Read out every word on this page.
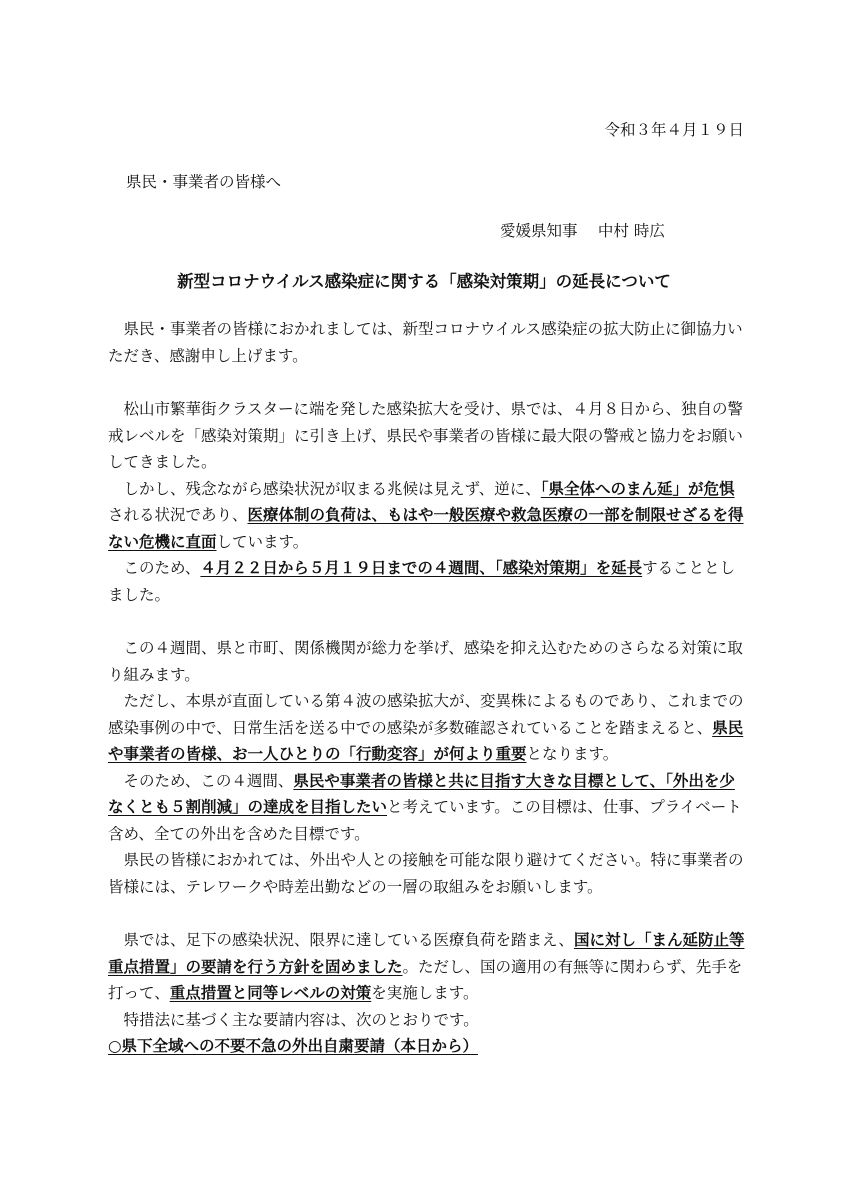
令和３年４月１９日
県民・事業者の皆様へ
愛媛県知事　 中村 時広
新型コロナウイルス感染症に関する「感染対策期」の延長について

県民・事業者の皆様におかれましては、新型コロナウイルス感染症の拡大防止に御協力いただき、感謝申し上げます。

松山市繁華街クラスターに端を発した感染拡大を受け、県では、４月８日から、独自の警戒レベルを「感染対策期」に引き上げ、県民や事業者の皆様に最大限の警戒と協力をお願いしてきました。

しかし、残念ながら感染状況が収まる兆候は見えず、逆に、「県全体へのまん延」が危惧される状況であり、医療体制の負荷は、もはや一般医療や救急医療の一部を制限せざるを得ない危機に直面しています。

このため、４月２２日から５月１９日までの４週間、「感染対策期」を延長することとしました。

この４週間、県と市町、関係機関が総力を挙げ、感染を抑え込むためのさらなる対策に取り組みます。

ただし、本県が直面している第４波の感染拡大が、変異株によるものであり、これまでの感染事例の中で、日常生活を送る中での感染が多数確認されていることを踏まえると、県民や事業者の皆様、お一人ひとりの「行動変容」が何より重要となります。

そのため、この４週間、県民や事業者の皆様と共に目指す大きな目標として、「外出を少なくとも５割削減」の達成を目指したいと考えています。この目標は、仕事、プライベート含め、全ての外出を含めた目標です。

県民の皆様におかれては、外出や人との接触を可能な限り避けてください。特に事業者の皆様には、テレワークや時差出勤などの一層の取組みをお願いします。

県では、足下の感染状況、限界に達している医療負荷を踏まえ、国に対し「まん延防止等重点措置」の要請を行う方針を固めました。ただし、国の適用の有無等に関わらず、先手を打って、重点措置と同等レベルの対策を実施します。

特措法に基づく主な要請内容は、次のとおりです。

○県下全域への不要不急の外出自粛要請（本日から）
